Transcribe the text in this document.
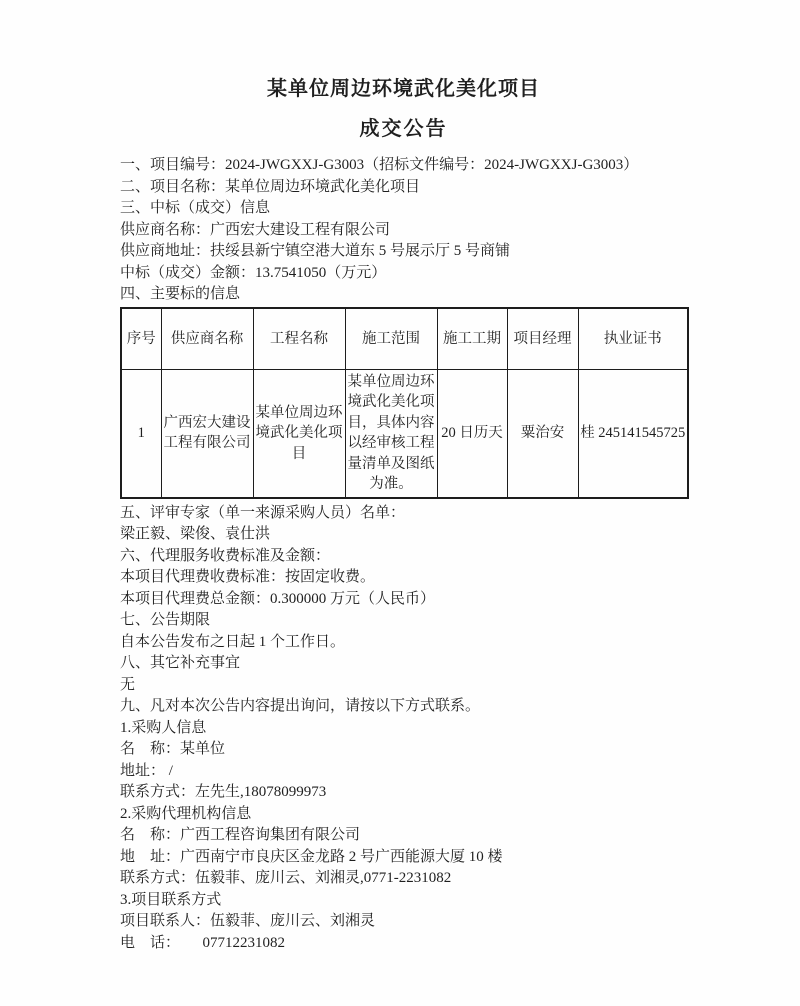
某单位周边环境武化美化项目
成交公告

一、项目编号：2024-JWGXXJ-G3003（招标文件编号：2024-JWGXXJ-G3003）

二、项目名称：某单位周边环境武化美化项目

三、中标（成交）信息

供应商名称：广西宏大建设工程有限公司

供应商地址：扶绥县新宁镇空港大道东 5 号展示厅 5 号商铺

中标（成交）金额：13.7541050（万元）

四、主要标的信息

序号	供应商名称	工程名称	施工范围	施工工期	项目经理	执业证书
1	广西宏大建设工程有限公司	某单位周边环境武化美化项目	某单位周边环境武化美化项目，具体内容以经审核工程量清单及图纸为准。	20 日历天	粟治安	桂 245141545725

五、评审专家（单一来源采购人员）名单：

梁正毅、梁俊、袁仕洪

六、代理服务收费标准及金额：

本项目代理费收费标准：按固定收费。

本项目代理费总金额：0.300000 万元（人民币）

七、公告期限

自本公告发布之日起 1 个工作日。

八、其它补充事宜

无

九、凡对本次公告内容提出询问，请按以下方式联系。

1.采购人信息

名　称：某单位

地址： /

联系方式：左先生,18078099973

2.采购代理机构信息

名　称：广西工程咨询集团有限公司

地　址：广西南宁市良庆区金龙路 2 号广西能源大厦 10 楼

联系方式：伍毅菲、庞川云、刘湘灵,0771-2231082

3.项目联系方式

项目联系人：伍毅菲、庞川云、刘湘灵

电　话：　　07712231082
